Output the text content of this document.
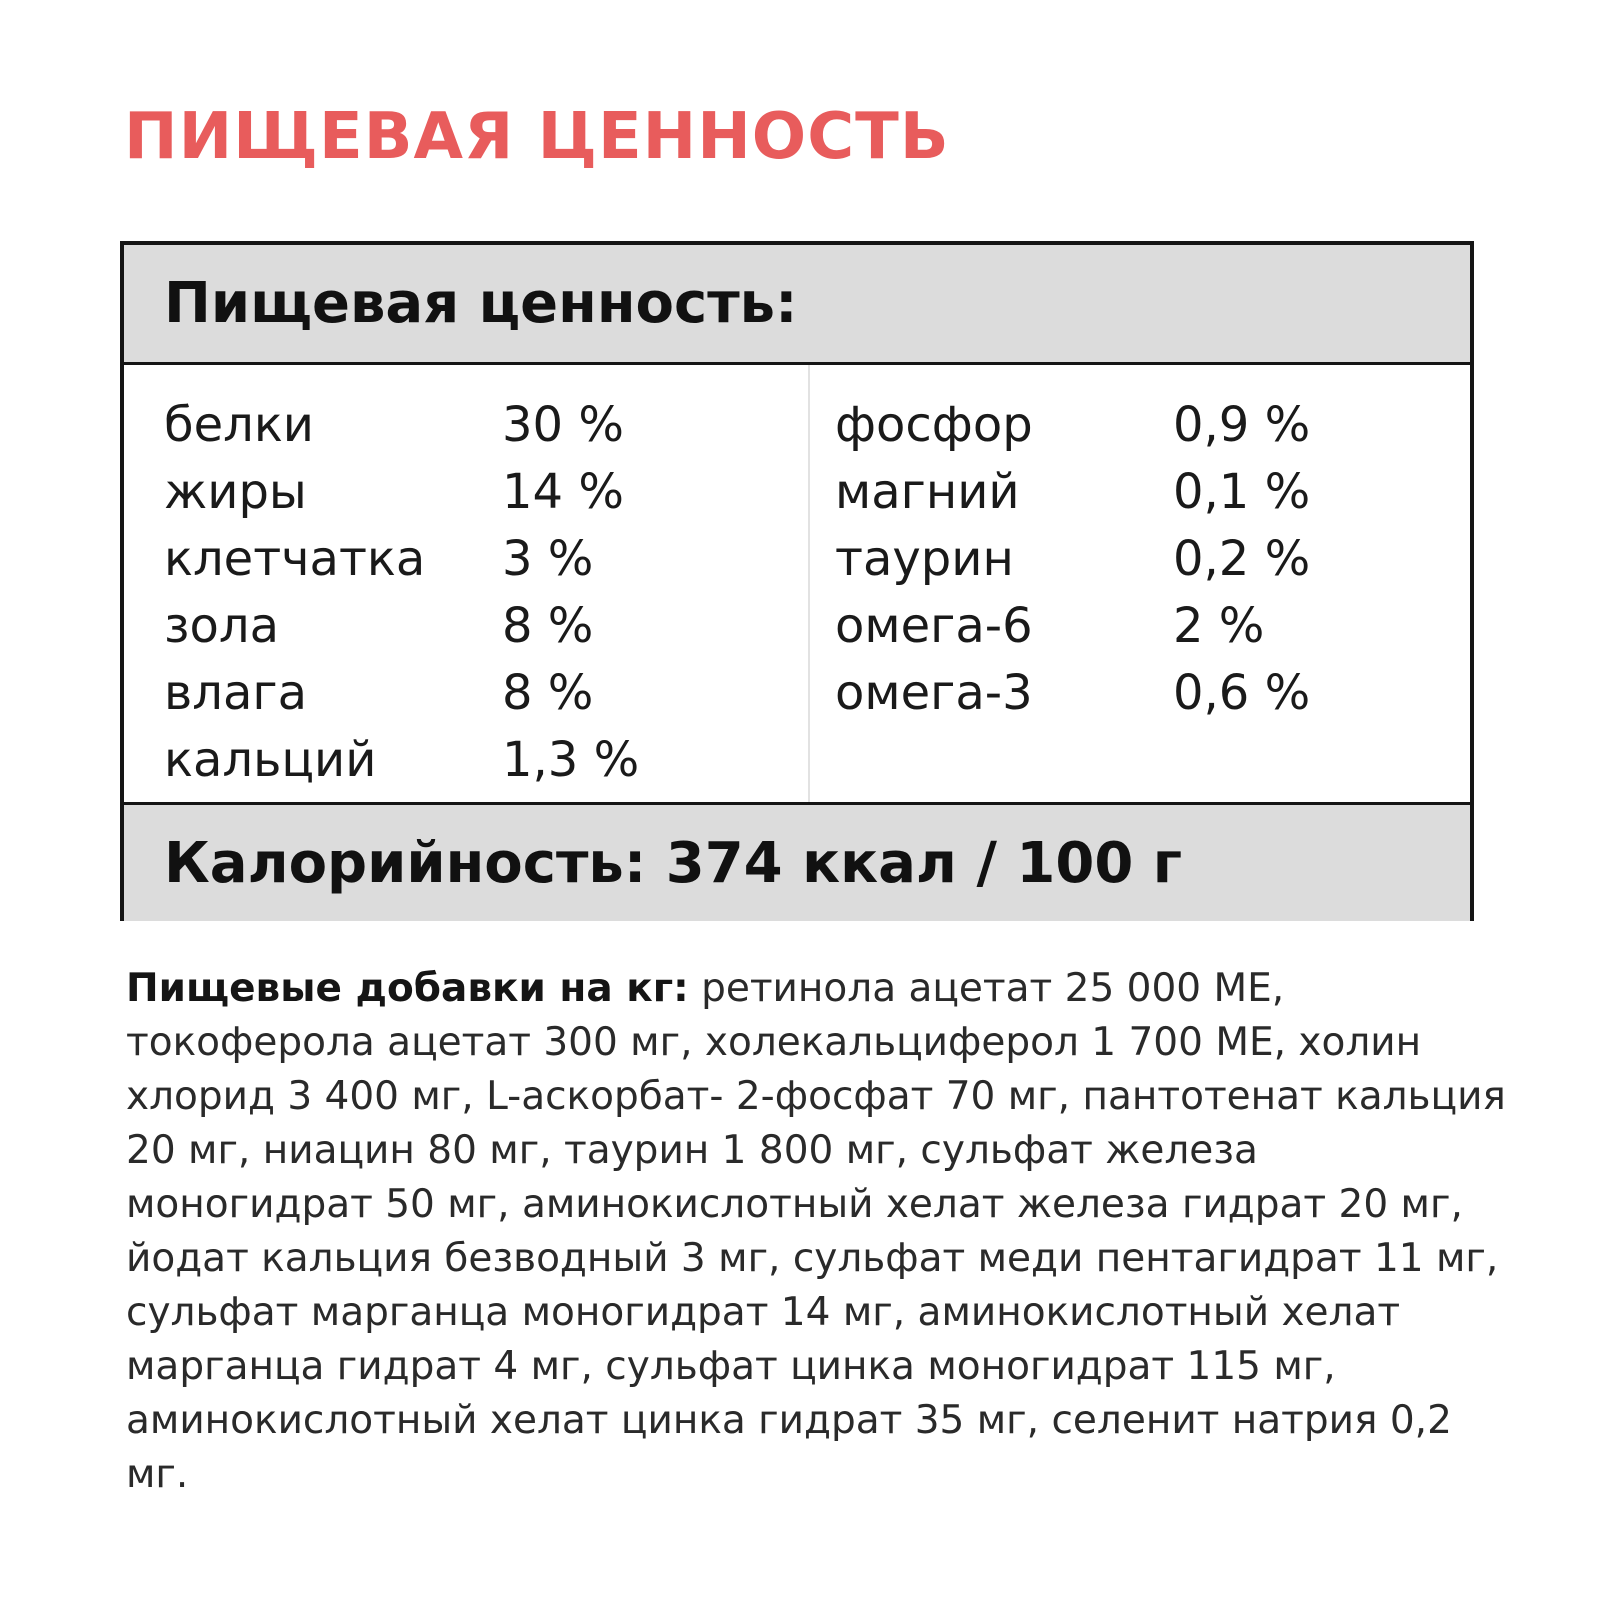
ПИЩЕВАЯ ЦЕННОСТЬ
Пищевая ценность:
белки	30 %
жиры	14 %
клетчатка	3 %
зола	8 %
влага	8 %
кальций	1,3 %
фосфор	0,9 %
магний	0,1 %
таурин	0,2 %
омега-6	2 %
омега-3	0,6 %
Калорийность: 374 ккал / 100 г

Пищевые добавки на кг: ретинола ацетат 25 000 МЕ, токоферола ацетат 300 мг, холекальциферол 1 700 МЕ, холин хлорид 3 400 мг, L-аскорбат- 2-фосфат 70 мг, пантотенат кальция 20 мг, ниацин 80 мг, таурин 1 800 мг, сульфат железа моногидрат 50 мг, аминокислотный хелат железа гидрат 20 мг, йодат кальция безводный 3 мг, сульфат меди пентагидрат 11 мг, сульфат марганца моногидрат 14 мг, аминокислотный хелат марганца гидрат 4 мг, сульфат цинка моногидрат 115 мг, аминокислотный хелат цинка гидрат 35 мг, селенит натрия 0,2 мг.
